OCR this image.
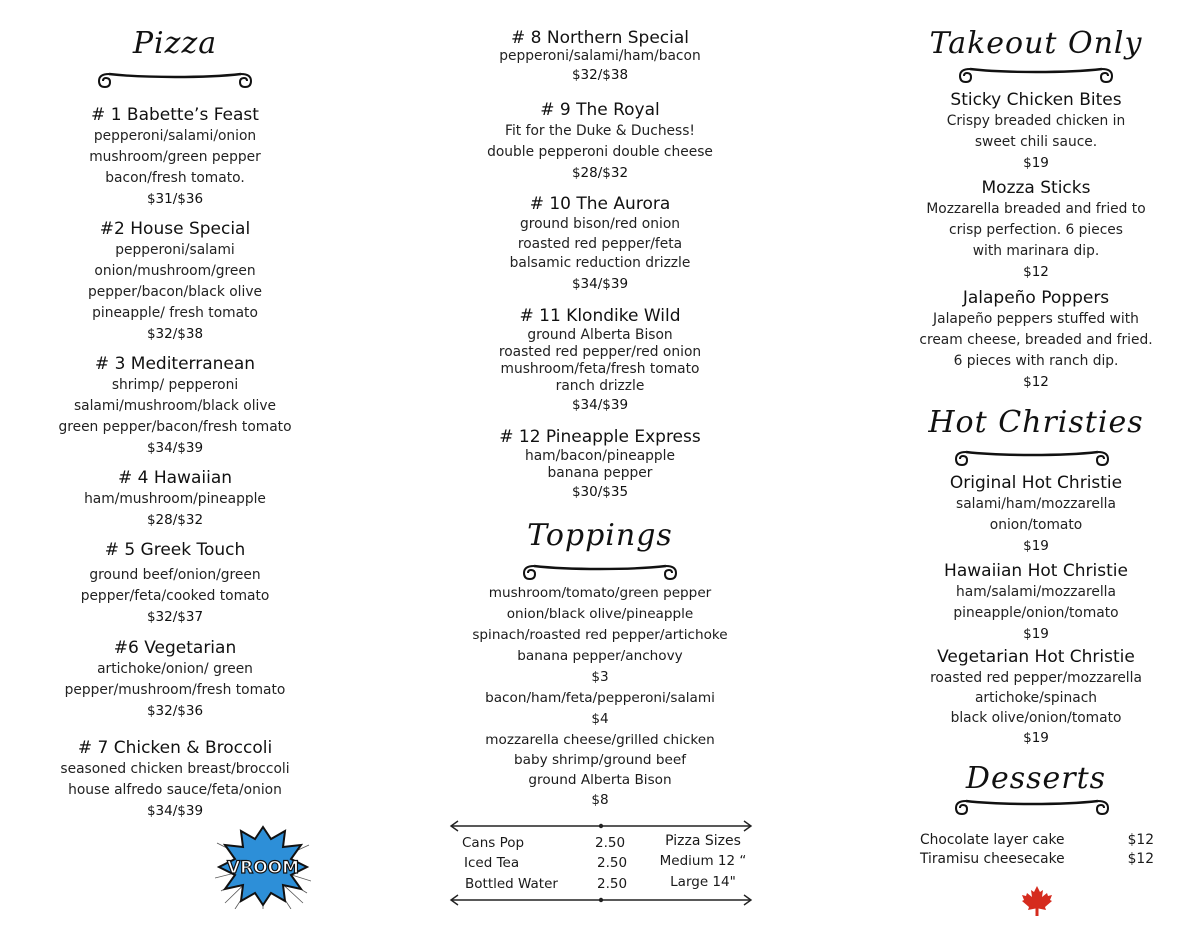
Pizza
# 1 Babette’s Feast
pepperoni/salami/onion
mushroom/green pepper
bacon/fresh tomato.
$31/$36
#2 House Special
pepperoni/salami
onion/mushroom/green
pepper/bacon/black olive
pineapple/ fresh tomato
$32/$38
# 3 Mediterranean
shrimp/ pepperoni
salami/mushroom/black olive
green pepper/bacon/fresh tomato
$34/$39
# 4 Hawaiian
ham/mushroom/pineapple
$28/$32
# 5 Greek Touch
ground beef/onion/green
pepper/feta/cooked tomato
$32/$37
#6 Vegetarian
artichoke/onion/ green
pepper/mushroom/fresh tomato
$32/$36
# 7 Chicken & Broccoli
seasoned chicken breast/broccoli
house alfredo sauce/feta/onion
$34/$39
VROOM
# 8 Northern Special
pepperoni/salami/ham/bacon
$32/$38
# 9 The Royal
Fit for the Duke & Duchess!
double pepperoni double cheese
$28/$32
# 10 The Aurora
ground bison/red onion
roasted red pepper/feta
balsamic reduction drizzle
$34/$39
# 11 Klondike Wild
ground Alberta Bison
roasted red pepper/red onion
mushroom/feta/fresh tomato
ranch drizzle
$34/$39
# 12 Pineapple Express
ham/bacon/pineapple
banana pepper
$30/$35
Toppings
mushroom/tomato/green pepper
onion/black olive/pineapple
spinach/roasted red pepper/artichoke
banana pepper/anchovy
$3
bacon/ham/feta/pepperoni/salami
$4
mozzarella cheese/grilled chicken
baby shrimp/ground beef
ground Alberta Bison
$8
Cans Pop	2.50
Iced Tea	2.50
Bottled Water	2.50
Pizza Sizes
Medium 12 “
Large 14"
Takeout Only
Sticky Chicken Bites
Crispy breaded chicken in
sweet chili sauce.
$19
Mozza Sticks
Mozzarella breaded and fried to
crisp perfection. 6 pieces
with marinara dip.
$12
Jalapeño Poppers
Jalapeño peppers stuffed with
cream cheese, breaded and fried.
6 pieces with ranch dip.
$12
Hot Christies
Original Hot Christie
salami/ham/mozzarella
onion/tomato
$19
Hawaiian Hot Christie
ham/salami/mozzarella
pineapple/onion/tomato
$19
Vegetarian Hot Christie
roasted red pepper/mozzarella
artichoke/spinach
black olive/onion/tomato
$19
Desserts
Chocolate layer cake	$12
Tiramisu cheesecake	$12
